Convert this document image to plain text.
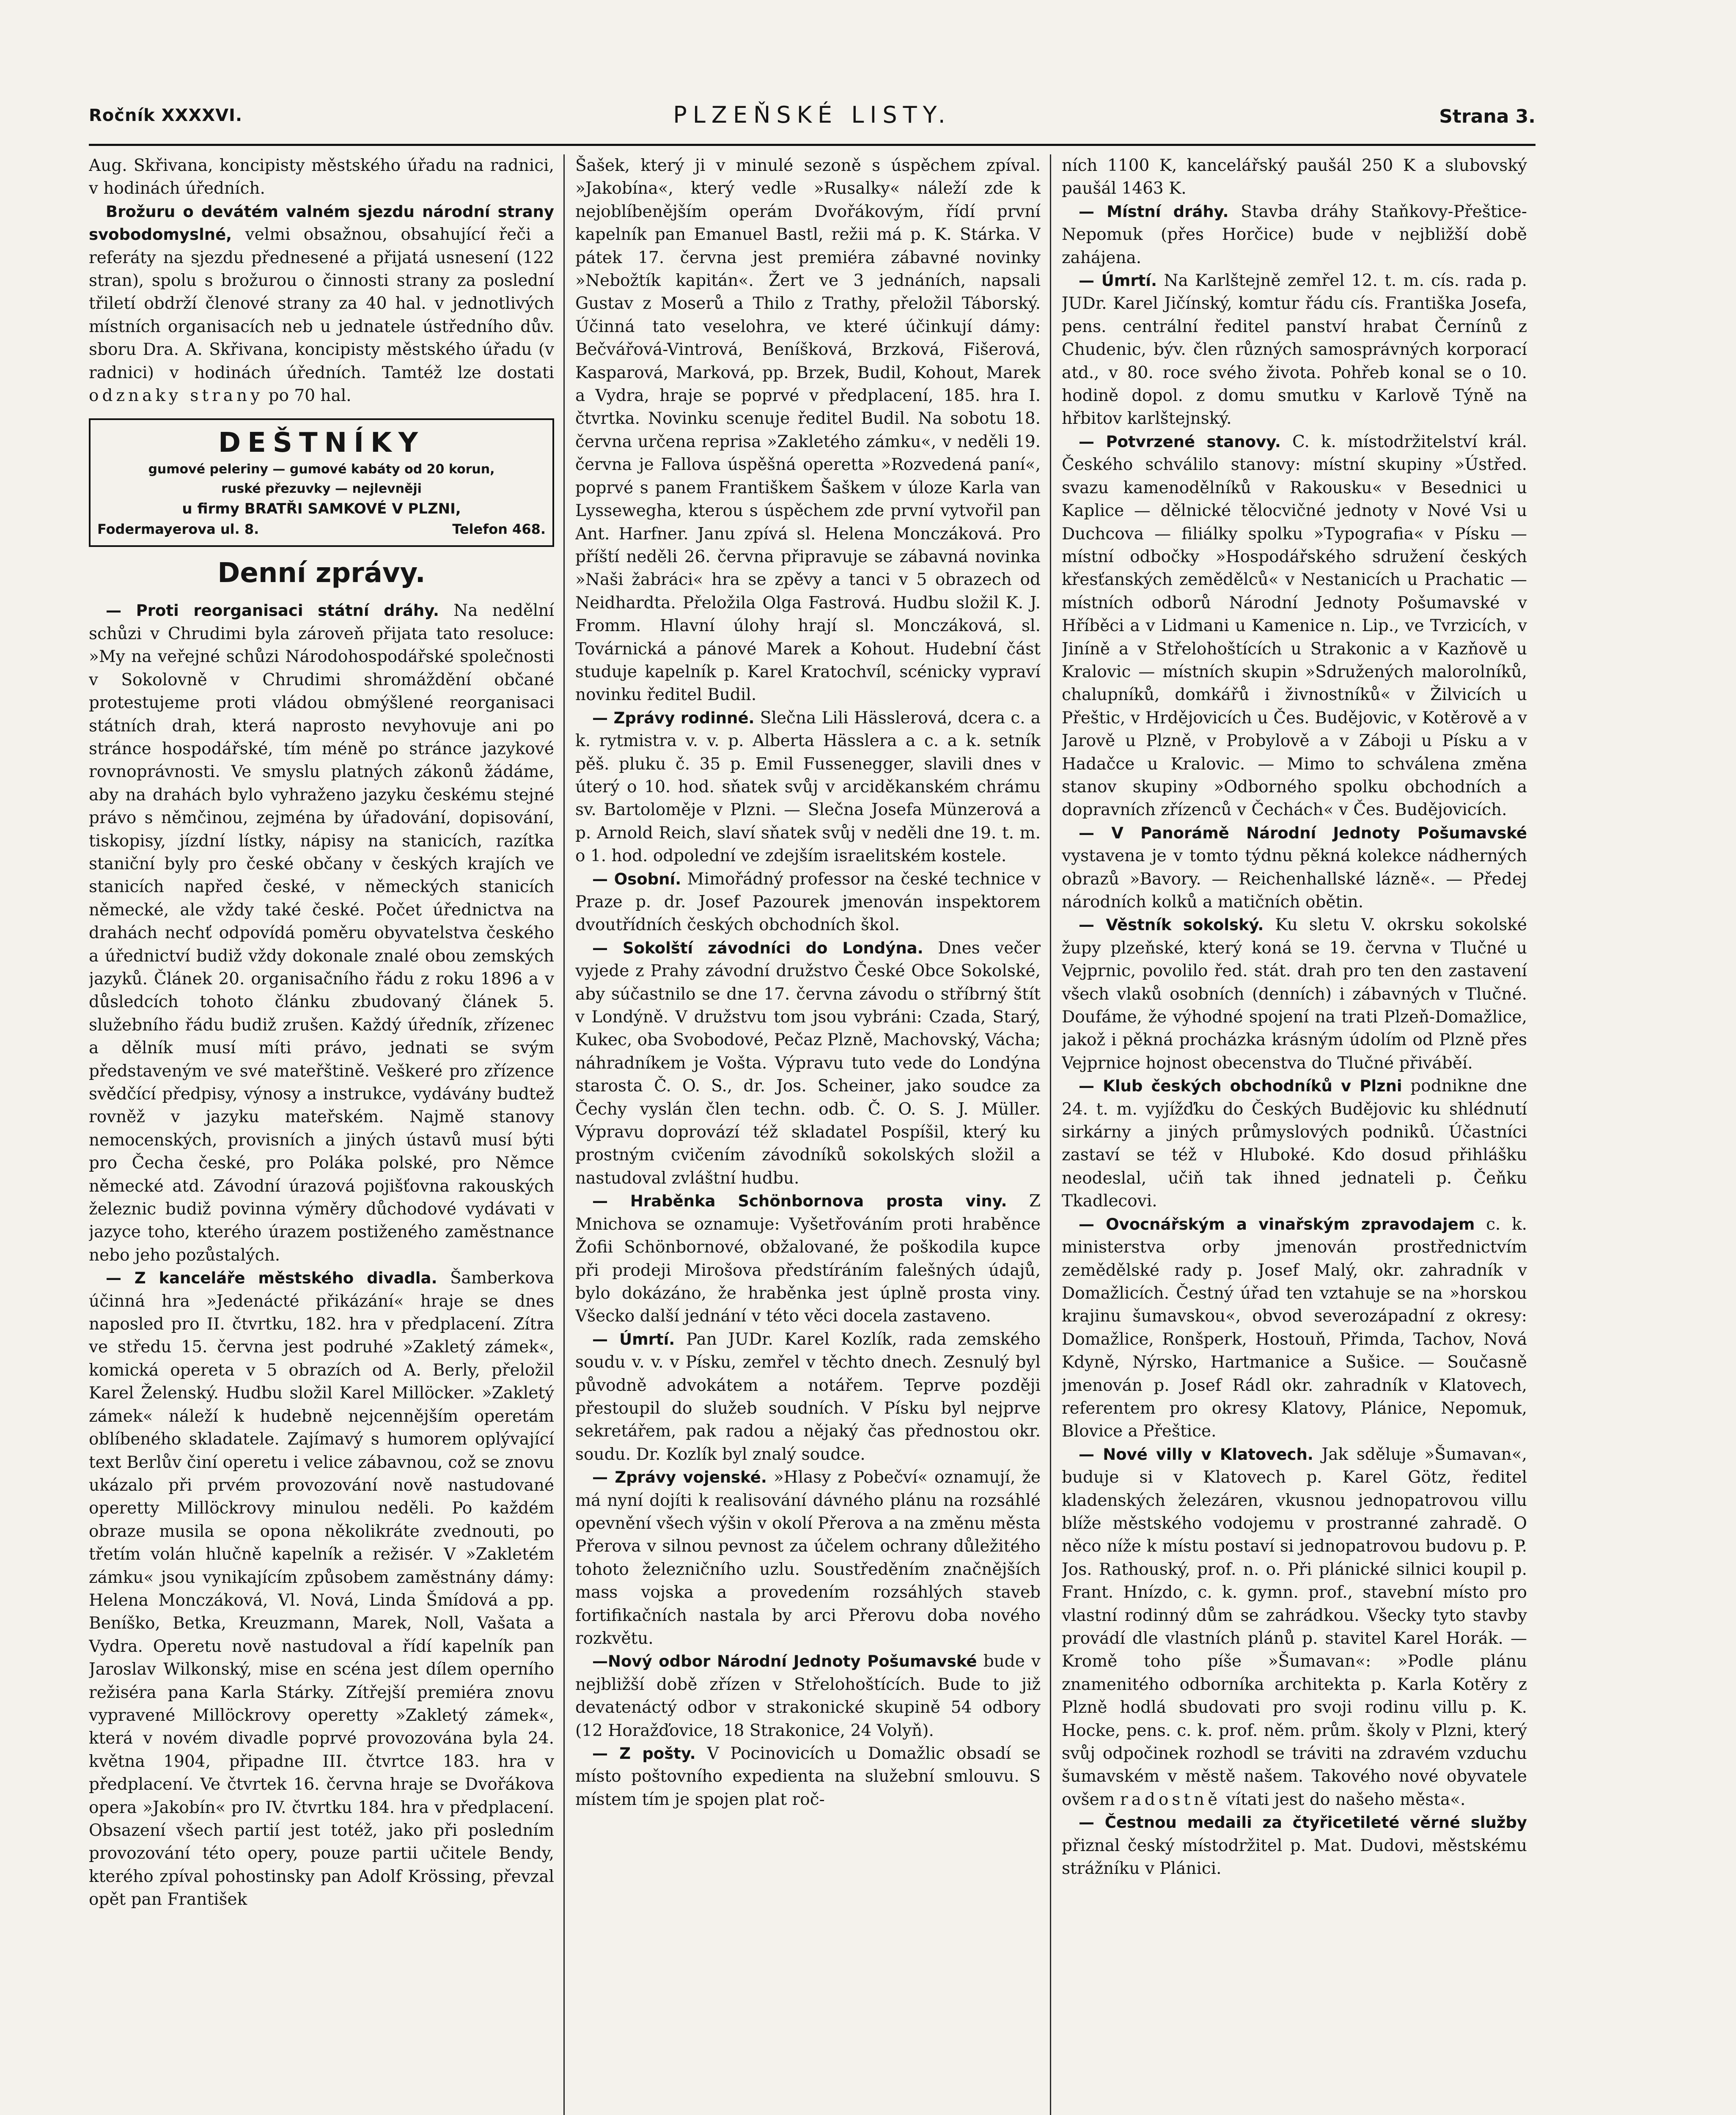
Ročník XXXXVI.	PLZEŇSKÉ LISTY.	Strana 3.

Aug. Skřivana, koncipisty městského úřadu na radnici, v hodinách úředních.

Brožuru o devátém valném sjezdu národní strany svobodomyslné, velmi obsažnou, obsahující řeči a referáty na sjezdu přednesené a přijatá usnesení (122 stran), spolu s brožurou o činnosti strany za poslední třiletí obdrží členové strany za 40 hal. v jednotlivých místních organisacích neb u jednatele ústředního dův. sboru Dra. A. Skřivana, koncipisty městského úřadu (v radnici) v hodinách úředních. Tamtéž lze dostati odznaky strany po 70 hal.

DEŠTNÍKY
gumové peleriny — gumové kabáty od 20 korun,
ruské přezuvky — nejlevněji
u firmy BRATŘI SAMKOVÉ V PLZNI,
Fodermayerova ul. 8.	Telefon 468.
Denní zprávy.

— Proti reorganisaci státní dráhy. Na nedělní schůzi v Chrudimi byla zároveň přijata tato resoluce: »My na veřejné schůzi Národohospodářské společnosti v Sokolovně v Chrudimi shromáždění občané protestujeme proti vládou obmýšlené reorganisaci státních drah, která naprosto nevyhovuje ani po stránce hospodářské, tím méně po stránce jazykové rovnoprávnosti. Ve smyslu platných zákonů žádáme, aby na drahách bylo vyhraženo jazyku českému stejné právo s němčinou, zejména by úřadování, dopisování, tiskopisy, jízdní lístky, nápisy na stanicích, razítka staniční byly pro české občany v českých krajích ve stanicích napřed české, v německých stanicích německé, ale vždy také české. Počet úřednictva na drahách nechť odpovídá poměru obyvatelstva českého a úřednictví budiž vždy dokonale znalé obou zemských jazyků. Článek 20. organisačního řádu z roku 1896 a v důsledcích tohoto článku zbudovaný článek 5. služebního řádu budiž zrušen. Každý úředník, zřízenec a dělník musí míti právo, jednati se svým představeným ve své mateřštině. Veškeré pro zřízence svědčící předpisy, výnosy a instrukce, vydávány budtež rovněž v jazyku mateřském. Najmě stanovy nemocenských, provisních a jiných ústavů musí býti pro Čecha české, pro Poláka polské, pro Němce německé atd. Závodní úrazová pojišťovna rakouských železnic budiž povinna výměry důchodové vydávati v jazyce toho, kterého úrazem postiženého zaměstnance nebo jeho pozůstalých.

— Z kanceláře městského divadla. Šamberkova účinná hra »Jedenácté přikázání« hraje se dnes naposled pro II. čtvrtku, 182. hra v předplacení. Zítra ve středu 15. června jest podruhé »Zakletý zámek«, komická opereta v 5 obrazích od A. Berly, přeložil Karel Želenský. Hudbu složil Karel Millöcker. »Zakletý zámek« náleží k hudebně nejcennějším operetám oblíbeného skladatele. Zajímavý s humorem oplývající text Berlův činí operetu i velice zábavnou, což se znovu ukázalo při prvém provozování nově nastudované operetty Millöckrovy minulou neděli. Po každém obraze musila se opona několikráte zvednouti, po třetím volán hlučně kapelník a režisér. V »Zakletém zámku« jsou vynikajícím způsobem zaměstnány dámy: Helena Monczáková, Vl. Nová, Linda Šmídová a pp. Beníško, Betka, Kreuzmann, Marek, Noll, Vašata a Vydra. Operetu nově nastudoval a řídí kapelník pan Jaroslav Wilkonský, mise en scéna jest dílem operního režiséra pana Karla Stárky. Zítřejší premiéra znovu vypravené Millöckrovy operetty »Zakletý zámek«, která v novém divadle poprvé provozována byla 24. května 1904, připadne III. čtvrtce 183. hra v předplacení. Ve čtvrtek 16. června hraje se Dvořákova opera »Jakobín« pro IV. čtvrtku 184. hra v předplacení. Obsazení všech partií jest totéž, jako při posledním provozování této opery, pouze partii učitele Bendy, kterého zpíval pohostinsky pan Adolf Krössing, převzal opět pan František

Šašek, který ji v minulé sezoně s úspěchem zpíval. »Jakobína«, který vedle »Rusalky« náleží zde k nejoblíbenějším operám Dvořákovým, řídí první kapelník pan Emanuel Bastl, režii má p. K. Stárka. V pátek 17. června jest premiéra zábavné novinky »Nebožtík kapitán«. Žert ve 3 jednáních, napsali Gustav z Moserů a Thilo z Trathy, přeložil Táborský. Účinná tato veselohra, ve které účinkují dámy: Bečvářová-Vintrová, Beníšková, Brzková, Fišerová, Kasparová, Marková, pp. Brzek, Budil, Kohout, Marek a Vydra, hraje se poprvé v předplacení, 185. hra I. čtvrtka. Novinku scenuje ředitel Budil. Na sobotu 18. června určena reprisa »Zakletého zámku«, v neděli 19. června je Fallova úspěšná operetta »Rozvedená paní«, poprvé s panem Františkem Šaškem v úloze Karla van Lyssewegha, kterou s úspěchem zde první vytvořil pan Ant. Harfner. Janu zpívá sl. Helena Monczáková. Pro příští neděli 26. června připravuje se zábavná novinka »Naši žabráci« hra se zpěvy a tanci v 5 obrazech od Neidhardta. Přeložila Olga Fastrová. Hudbu složil K. J. Fromm. Hlavní úlohy hrají sl. Monczáková, sl. Továrnická a pánové Marek a Kohout. Hudební část studuje kapelník p. Karel Kratochvíl, scénicky vypraví novinku ředitel Budil.

— Zprávy rodinné. Slečna Lili Hässlerová, dcera c. a k. rytmistra v. v. p. Alberta Hässlera a c. a k. setník pěš. pluku č. 35 p. Emil Fussenegger, slavili dnes v úterý o 10. hod. sňatek svůj v arciděkanském chrámu sv. Bartoloměje v Plzni. — Slečna Josefa Münzerová a p. Arnold Reich, slaví sňatek svůj v neděli dne 19. t. m. o 1. hod. odpolední ve zdejším israelitském kostele.

— Osobní. Mimořádný professor na české technice v Praze p. dr. Josef Pazourek jmenován inspektorem dvoutřídních českých obchodních škol.

— Sokolští závodníci do Londýna. Dnes večer vyjede z Prahy závodní družstvo České Obce Sokolské, aby súčastnilo se dne 17. června závodu o stříbrný štít v Londýně. V družstvu tom jsou vybráni: Czada, Starý, Kukec, oba Svobodové, Pečaz Plzně, Machovský, Vácha; náhradníkem je Vošta. Výpravu tuto vede do Londýna starosta Č. O. S., dr. Jos. Scheiner, jako soudce za Čechy vyslán člen techn. odb. Č. O. S. J. Müller. Výpravu doprovází též skladatel Pospíšil, který ku prostným cvičením závodníků sokolských složil a nastudoval zvláštní hudbu.

— Hraběnka Schönbornova prosta viny. Z Mnichova se oznamuje: Vyšetřováním proti hraběnce Žofii Schönbornové, obžalované, že poškodila kupce při prodeji Mirošova předstíráním falešných údajů, bylo dokázáno, že hraběnka jest úplně prosta viny. Všecko další jednání v této věci docela zastaveno.

— Úmrtí. Pan JUDr. Karel Kozlík, rada zemského soudu v. v. v Písku, zemřel v těchto dnech. Zesnulý byl původně advokátem a notářem. Teprve později přestoupil do služeb soudních. V Písku byl nejprve sekretářem, pak radou a nějaký čas přednostou okr. soudu. Dr. Kozlík byl znalý soudce.

— Zprávy vojenské. »Hlasy z Pobečví« oznamují, že má nyní dojíti k realisování dávného plánu na rozsáhlé opevnění všech výšin v okolí Přerova a na změnu města Přerova v silnou pevnost za účelem ochrany důležitého tohoto železničního uzlu. Soustředěním značnějších mass vojska a provedením rozsáhlých staveb fortifikačních nastala by arci Přerovu doba nového rozkvětu.

—Nový odbor Národní Jednoty Pošumavské bude v nejbližší době zřízen v Střelohoštících. Bude to již devatenáctý odbor v strakonické skupině 54 odbory (12 Horažďovice, 18 Strakonice, 24 Volyň).

— Z pošty. V Pocinovicích u Domažlic obsadí se místo poštovního expedienta na služební smlouvu. S místem tím je spojen plat roč-

ních 1100 K, kancelářský paušál 250 K a slubovský paušál 1463 K.

— Místní dráhy. Stavba dráhy Staňkovy-Přeštice-Nepomuk (přes Horčice) bude v nejbližší době zahájena.

— Úmrtí. Na Karlštejně zemřel 12. t. m. cís. rada p. JUDr. Karel Jičínský, komtur řádu cís. Františka Josefa, pens. centrální ředitel panství hrabat Černínů z Chudenic, býv. člen různých samosprávných korporací atd., v 80. roce svého života. Pohřeb konal se o 10. hodině dopol. z domu smutku v Karlově Týně na hřbitov karlštejnský.

— Potvrzené stanovy. C. k. místodržitelství král. Českého schválilo stanovy: místní skupiny »Ústřed. svazu kamenodělníků v Rakousku« v Besednici u Kaplice — dělnické tělocvičné jednoty v Nové Vsi u Duchcova — filiálky spolku »Typografia« v Písku — místní odbočky »Hospodářského sdružení českých křesťanských zemědělců« v Nestanicích u Prachatic — místních odborů Národní Jednoty Pošumavské v Hříběci a v Lidmani u Kamenice n. Lip., ve Tvrzicích, v Jiníně a v Střelohoštících u Strakonic a v Kazňově u Kralovic — místních skupin »Sdružených malorolníků, chalupníků, domkářů i živnostníků« v Žilvicích u Přeštic, v Hrdějovicích u Čes. Budějovic, v Kotěrově a v Jarově u Plzně, v Probylově a v Záboji u Písku a v Hadačce u Kralovic. — Mimo to schválena změna stanov skupiny »Odborného spolku obchodních a dopravních zřízenců v Čechách« v Čes. Budějovicích.

— V Panorámě Národní Jednoty Pošumavské vystavena je v tomto týdnu pěkná kolekce nádherných obrazů »Bavory. — Reichenhallské lázně«. — Předej národních kolků a matičních obětin.

— Věstník sokolský. Ku sletu V. okrsku sokolské župy plzeňské, který koná se 19. června v Tlučné u Vejprnic, povolilo řed. stát. drah pro ten den zastavení všech vlaků osobních (denních) i zábavných v Tlučné. Doufáme, že výhodné spojení na trati Plzeň-Domažlice, jakož i pěkná procházka krásným údolím od Plzně přes Vejprnice hojnost obecenstva do Tlučné přiváběí.

— Klub českých obchodníků v Plzni podnikne dne 24. t. m. vyjížďku do Českých Budějovic ku shlédnutí sirkárny a jiných průmyslových podniků. Účastníci zastaví se též v Hluboké. Kdo dosud přihlášku neodeslal, učiň tak ihned jednateli p. Čeňku Tkadlecovi.

— Ovocnářským a vinařským zpravodajem c. k. ministerstva orby jmenován prostřednictvím zemědělské rady p. Josef Malý, okr. zahradník v Domažlicích. Čestný úřad ten vztahuje se na »horskou krajinu šumavskou«, obvod severozápadní z okresy: Domažlice, Ronšperk, Hostouň, Přimda, Tachov, Nová Kdyně, Nýrsko, Hartmanice a Sušice. — Současně jmenován p. Josef Rádl okr. zahradník v Klatovech, referentem pro okresy Klatovy, Plánice, Nepomuk, Blovice a Přeštice.

— Nové villy v Klatovech. Jak sděluje »Šumavan«, buduje si v Klatovech p. Karel Götz, ředitel kladenských železáren, vkusnou jednopatrovou villu blíže městského vodojemu v prostranné zahradě. O něco níže k místu postaví si jednopatrovou budovu p. P. Jos. Rathouský, prof. n. o. Při plánické silnici koupil p. Frant. Hnízdo, c. k. gymn. prof., stavební místo pro vlastní rodinný dům se zahrádkou. Všecky tyto stavby provádí dle vlastních plánů p. stavitel Karel Horák. — Kromě toho píše »Šumavan«: »Podle plánu znamenitého odborníka architekta p. Karla Kotěry z Plzně hodlá sbudovati pro svoji rodinu villu p. K. Hocke, pens. c. k. prof. něm. prům. školy v Plzni, který svůj odpočinek rozhodl se tráviti na zdravém vzduchu šumavském v městě našem. Takového nové obyvatele ovšem radostně vítati jest do našeho města«.

— Čestnou medaili za čtyřicetileté věrné služby přiznal český místodržitel p. Mat. Dudovi, městskému strážníku v Plánici.
